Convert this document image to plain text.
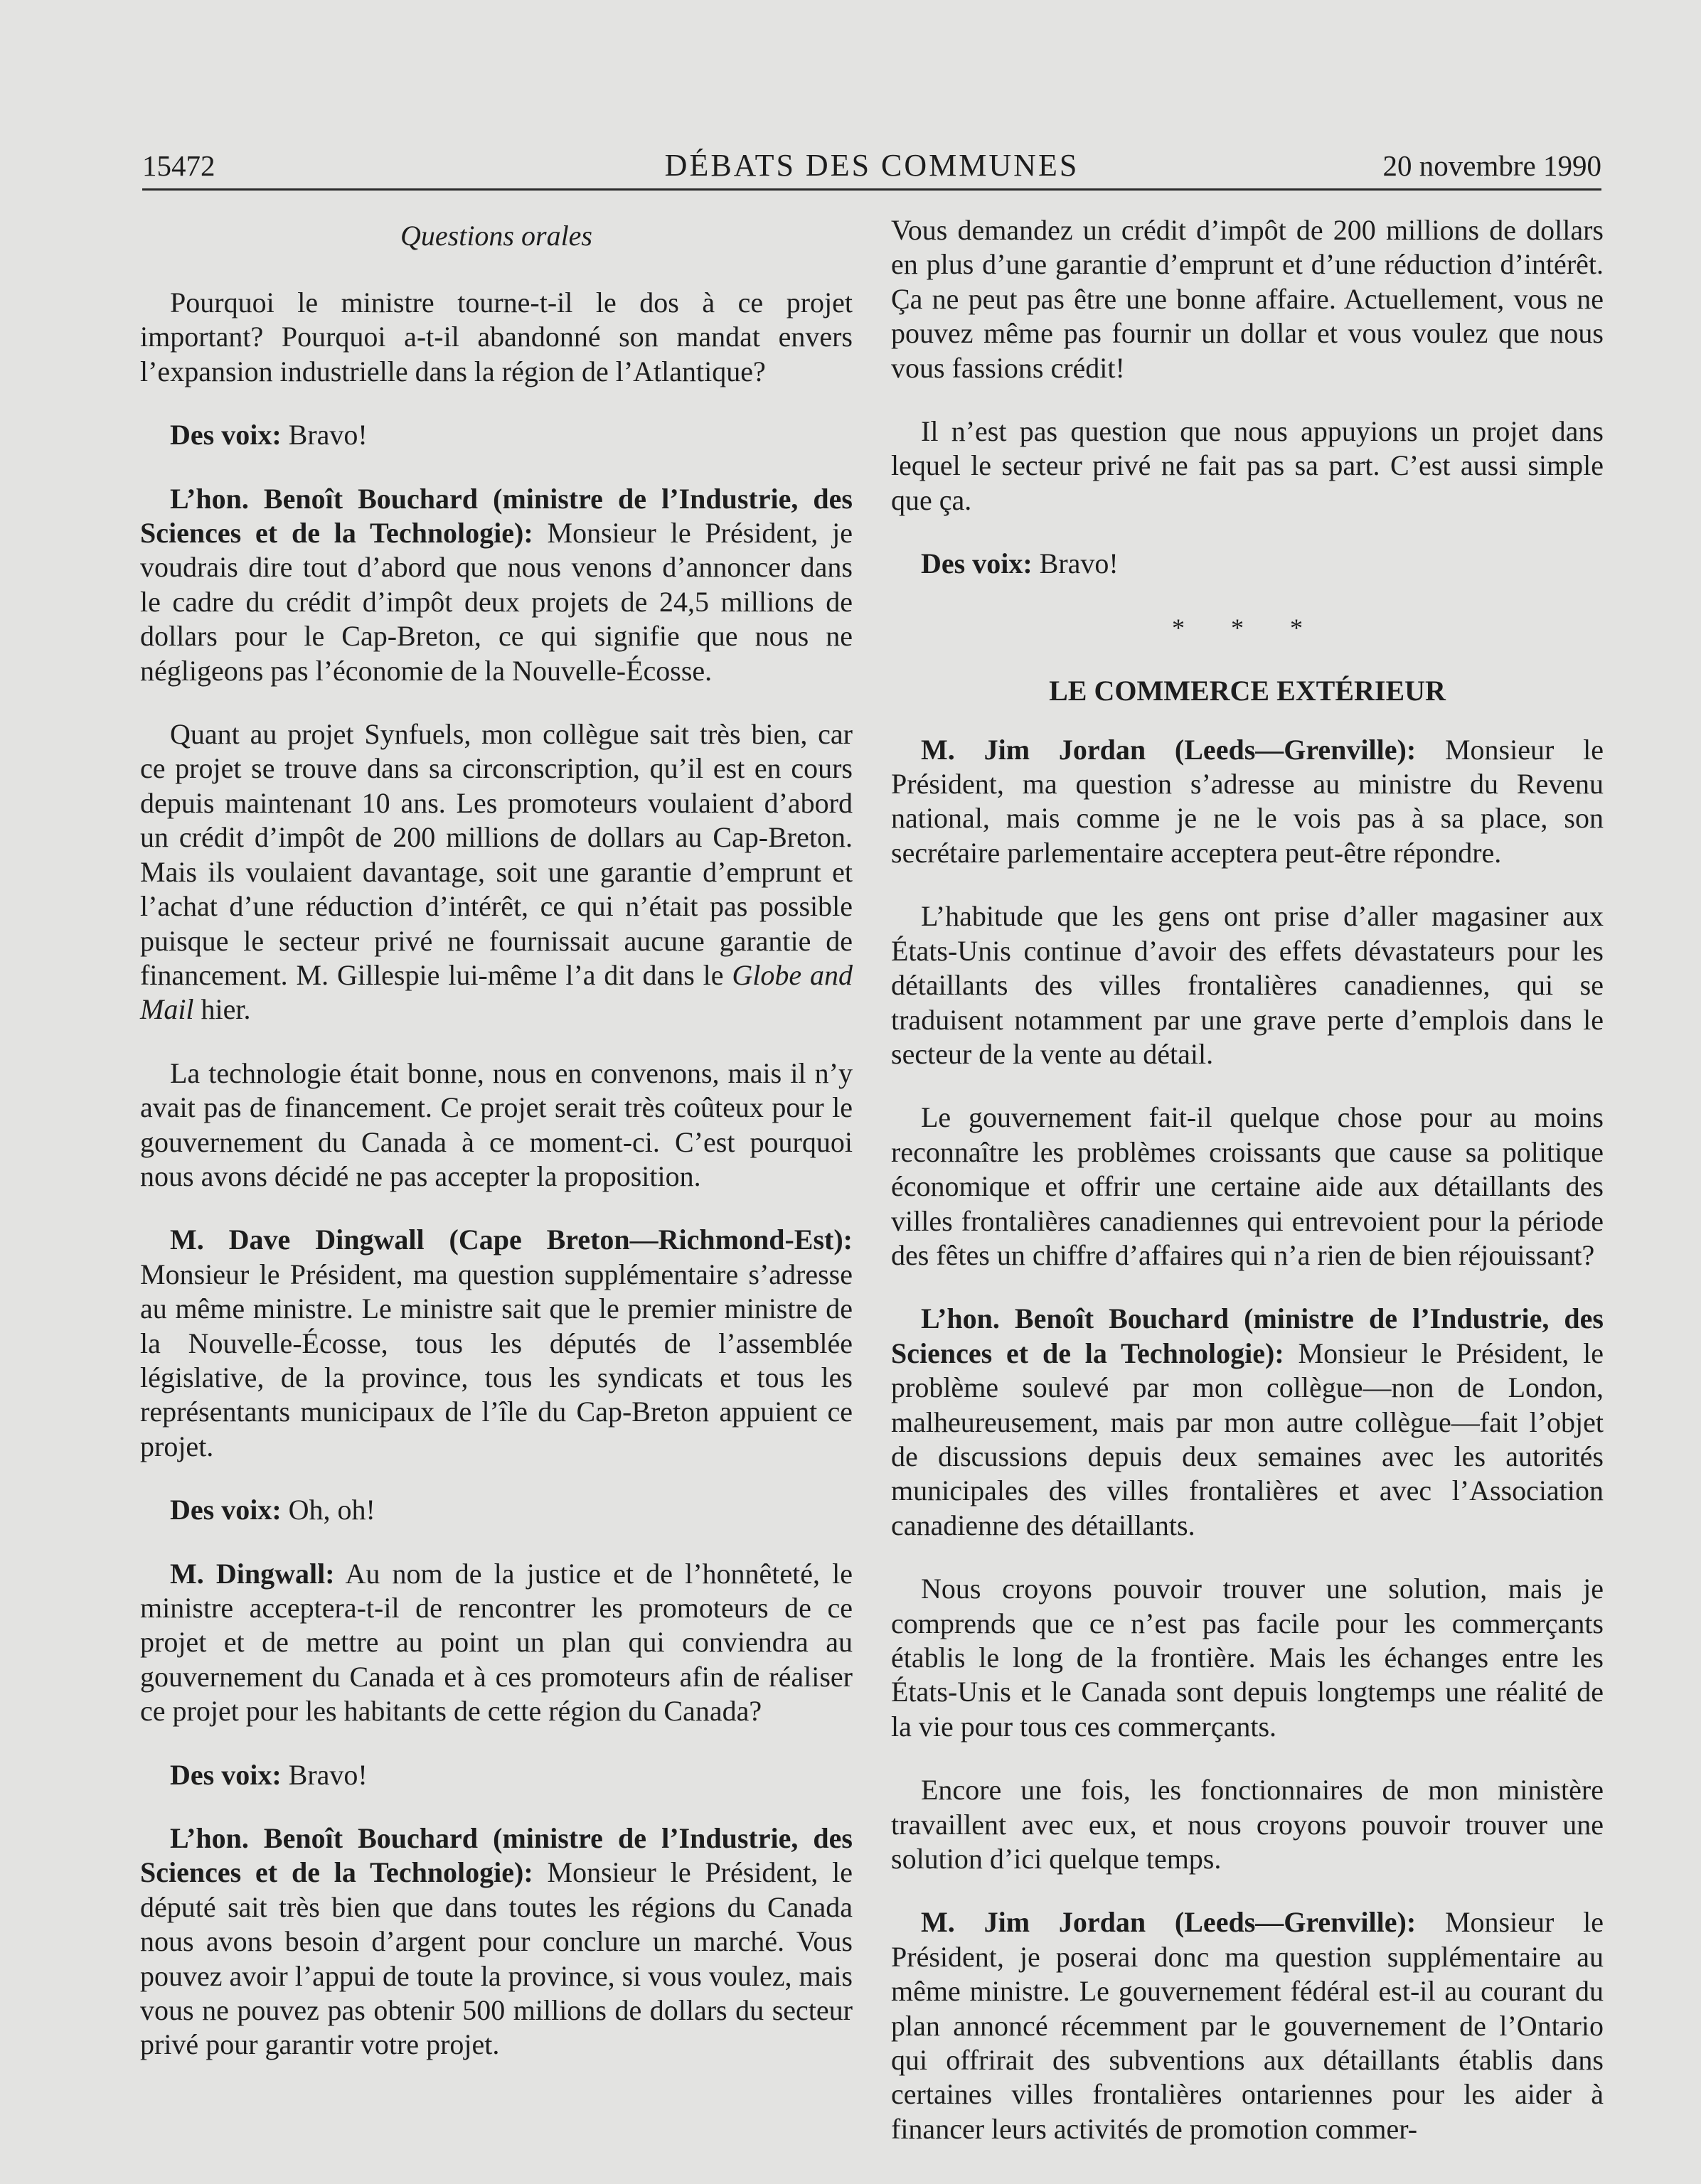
DÉBATS DES COMMUNES
15472	20 novembre 1990
Questions orales

Pourquoi le ministre tourne-t-il le dos à ce projet important? Pourquoi a-t-il abandonné son mandat envers l’expansion industrielle dans la région de l’Atlantique?

Des voix: Bravo!

L’hon. Benoît Bouchard (ministre de l’Industrie, des Sciences et de la Technologie): Monsieur le Président, je voudrais dire tout d’abord que nous venons d’annoncer dans le cadre du crédit d’impôt deux projets de 24,5 millions de dollars pour le Cap-Breton, ce qui signifie que nous ne négligeons pas l’économie de la Nouvelle-Écosse.

Quant au projet Synfuels, mon collègue sait très bien, car ce projet se trouve dans sa circonscription, qu’il est en cours depuis maintenant 10 ans. Les promoteurs voulaient d’abord un crédit d’impôt de 200 millions de dollars au Cap-Breton. Mais ils voulaient davantage, soit une garantie d’emprunt et l’achat d’une réduction d’intérêt, ce qui n’était pas possible puisque le secteur privé ne fournissait aucune garantie de financement. M. Gillespie lui-même l’a dit dans le Globe and Mail hier.

La technologie était bonne, nous en convenons, mais il n’y avait pas de financement. Ce projet serait très coûteux pour le gouvernement du Canada à ce moment-ci. C’est pourquoi nous avons décidé ne pas accepter la proposition.

M. Dave Dingwall (Cape Breton—Richmond-Est): Monsieur le Président, ma question supplémentaire s’adresse au même ministre. Le ministre sait que le premier ministre de la Nouvelle-Écosse, tous les députés de l’assemblée législative, de la province, tous les syndicats et tous les représentants municipaux de l’île du Cap-Breton appuient ce projet.

Des voix: Oh, oh!

M. Dingwall: Au nom de la justice et de l’honnêteté, le ministre acceptera-t-il de rencontrer les promoteurs de ce projet et de mettre au point un plan qui conviendra au gouvernement du Canada et à ces promoteurs afin de réaliser ce projet pour les habitants de cette région du Canada?

Des voix: Bravo!

L’hon. Benoît Bouchard (ministre de l’Industrie, des Sciences et de la Technologie): Monsieur le Président, le député sait très bien que dans toutes les régions du Canada nous avons besoin d’argent pour conclure un marché. Vous pouvez avoir l’appui de toute la province, si vous voulez, mais vous ne pouvez pas obtenir 500 millions de dollars du secteur privé pour garantir votre projet.

Vous demandez un crédit d’impôt de 200 millions de dollars en plus d’une garantie d’emprunt et d’une réduction d’intérêt. Ça ne peut pas être une bonne affaire. Actuellement, vous ne pouvez même pas fournir un dollar et vous voulez que nous vous fassions crédit!

Il n’est pas question que nous appuyions un projet dans lequel le secteur privé ne fait pas sa part. C’est aussi simple que ça.

Des voix: Bravo!

* * *
LE COMMERCE EXTÉRIEUR

M. Jim Jordan (Leeds—Grenville): Monsieur le Président, ma question s’adresse au ministre du Revenu national, mais comme je ne le vois pas à sa place, son secrétaire parlementaire acceptera peut-être répondre.

L’habitude que les gens ont prise d’aller magasiner aux États-Unis continue d’avoir des effets dévastateurs pour les détaillants des villes frontalières canadiennes, qui se traduisent notamment par une grave perte d’emplois dans le secteur de la vente au détail.

Le gouvernement fait-il quelque chose pour au moins reconnaître les problèmes croissants que cause sa politique économique et offrir une certaine aide aux détaillants des villes frontalières canadiennes qui entrevoient pour la période des fêtes un chiffre d’affaires qui n’a rien de bien réjouissant?

L’hon. Benoît Bouchard (ministre de l’Industrie, des Sciences et de la Technologie): Monsieur le Président, le problème soulevé par mon collègue—non de London, malheureusement, mais par mon autre collègue—fait l’objet de discussions depuis deux semaines avec les autorités municipales des villes frontalières et avec l’Association canadienne des détaillants.

Nous croyons pouvoir trouver une solution, mais je comprends que ce n’est pas facile pour les commerçants établis le long de la frontière. Mais les échanges entre les États-Unis et le Canada sont depuis longtemps une réalité de la vie pour tous ces commerçants.

Encore une fois, les fonctionnaires de mon ministère travaillent avec eux, et nous croyons pouvoir trouver une solution d’ici quelque temps.

M. Jim Jordan (Leeds—Grenville): Monsieur le Président, je poserai donc ma question supplémentaire au même ministre. Le gouvernement fédéral est-il au courant du plan annoncé récemment par le gouvernement de l’Ontario qui offrirait des subventions aux détaillants établis dans certaines villes frontalières ontariennes pour les aider à financer leurs activités de promotion commer-
